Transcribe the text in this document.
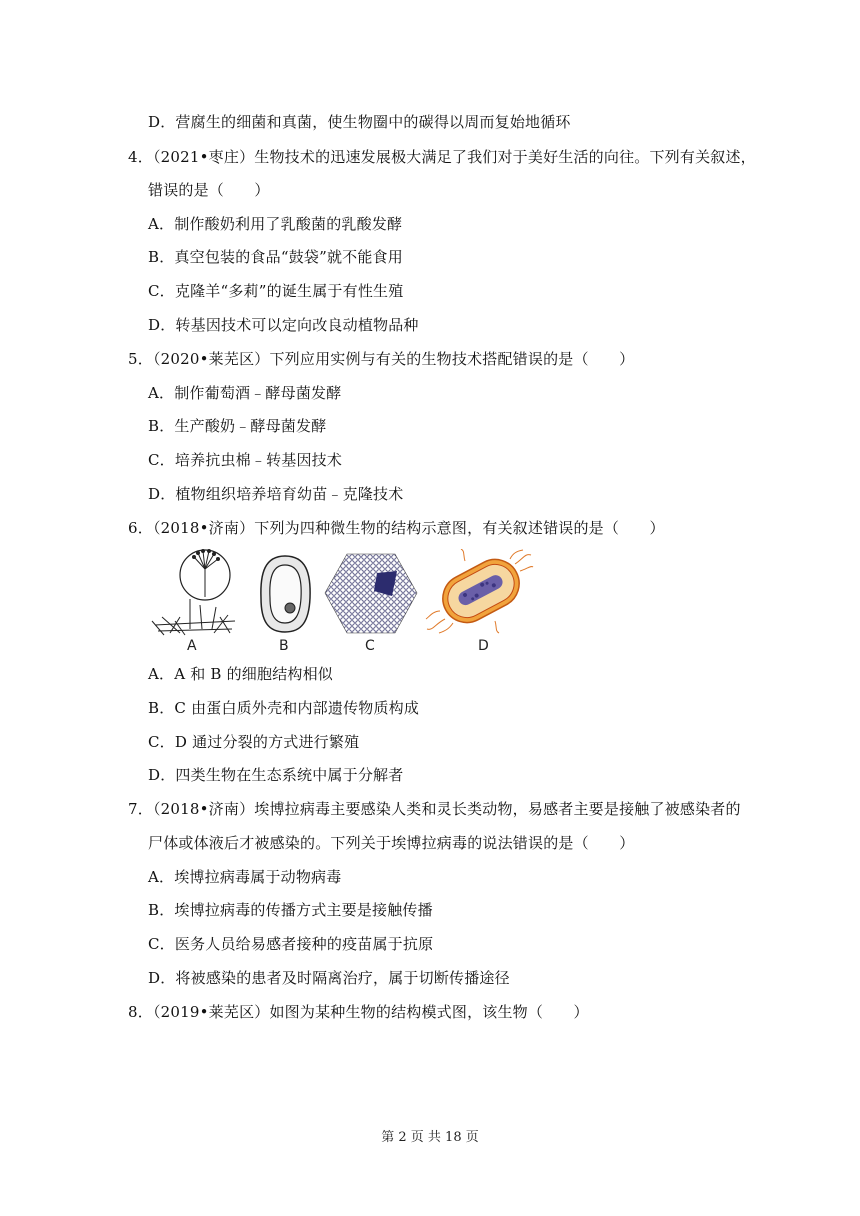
D．营腐生的细菌和真菌，使生物圈中的碳得以周而复始地循环
4．（2021•枣庄）生物技术的迅速发展极大满足了我们对于美好生活的向往。下列有关叙述，
错误的是（　　）
A．制作酸奶利用了乳酸菌的乳酸发酵
B．真空包装的食品“鼓袋”就不能食用
C．克隆羊“多莉”的诞生属于有性生殖
D．转基因技术可以定向改良动植物品种
5．（2020•莱芜区）下列应用实例与有关的生物技术搭配错误的是（　　）
A．制作葡萄酒﹣酵母菌发酵
B．生产酸奶﹣酵母菌发酵
C．培养抗虫棉﹣转基因技术
D．植物组织培养培育幼苗﹣克隆技术
6．（2018•济南）下列为四种微生物的结构示意图，有关叙述错误的是（　　）
A	B	C	D
A．A 和 B 的细胞结构相似
B．C 由蛋白质外壳和内部遗传物质构成
C．D 通过分裂的方式进行繁殖
D．四类生物在生态系统中属于分解者
7．（2018•济南）埃博拉病毒主要感染人类和灵长类动物，易感者主要是接触了被感染者的
尸体或体液后才被感染的。下列关于埃博拉病毒的说法错误的是（　　）
A．埃博拉病毒属于动物病毒
B．埃博拉病毒的传播方式主要是接触传播
C．医务人员给易感者接种的疫苗属于抗原
D．将被感染的患者及时隔离治疗，属于切断传播途径
8．（2019•莱芜区）如图为某种生物的结构模式图，该生物（　　）
第 2 页 共 18 页
